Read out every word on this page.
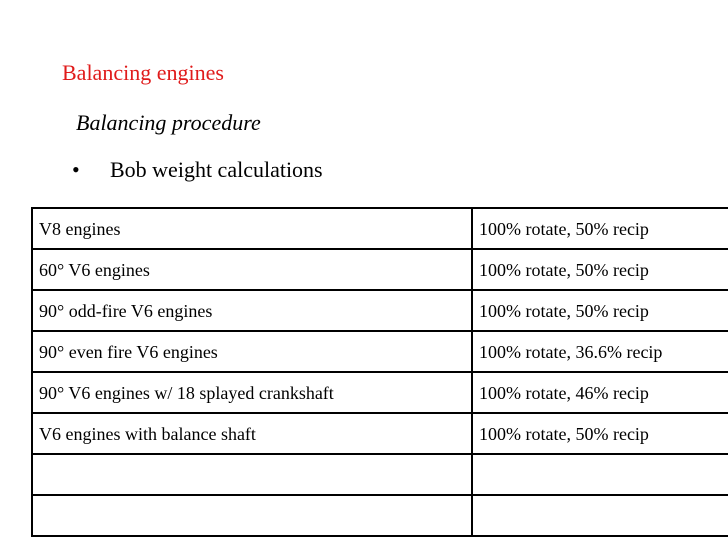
Balancing engines
Balancing procedure
• Bob weight calculations
V8 engines	100% rotate, 50% recip
60° V6 engines	100% rotate, 50% recip
90° odd-fire V6 engines	100% rotate, 50% recip
90° even fire V6 engines	100% rotate, 36.6% recip
90° V6 engines w/ 18 splayed crankshaft	100% rotate, 46% recip
V6 engines with balance shaft	100% rotate, 50% recip
